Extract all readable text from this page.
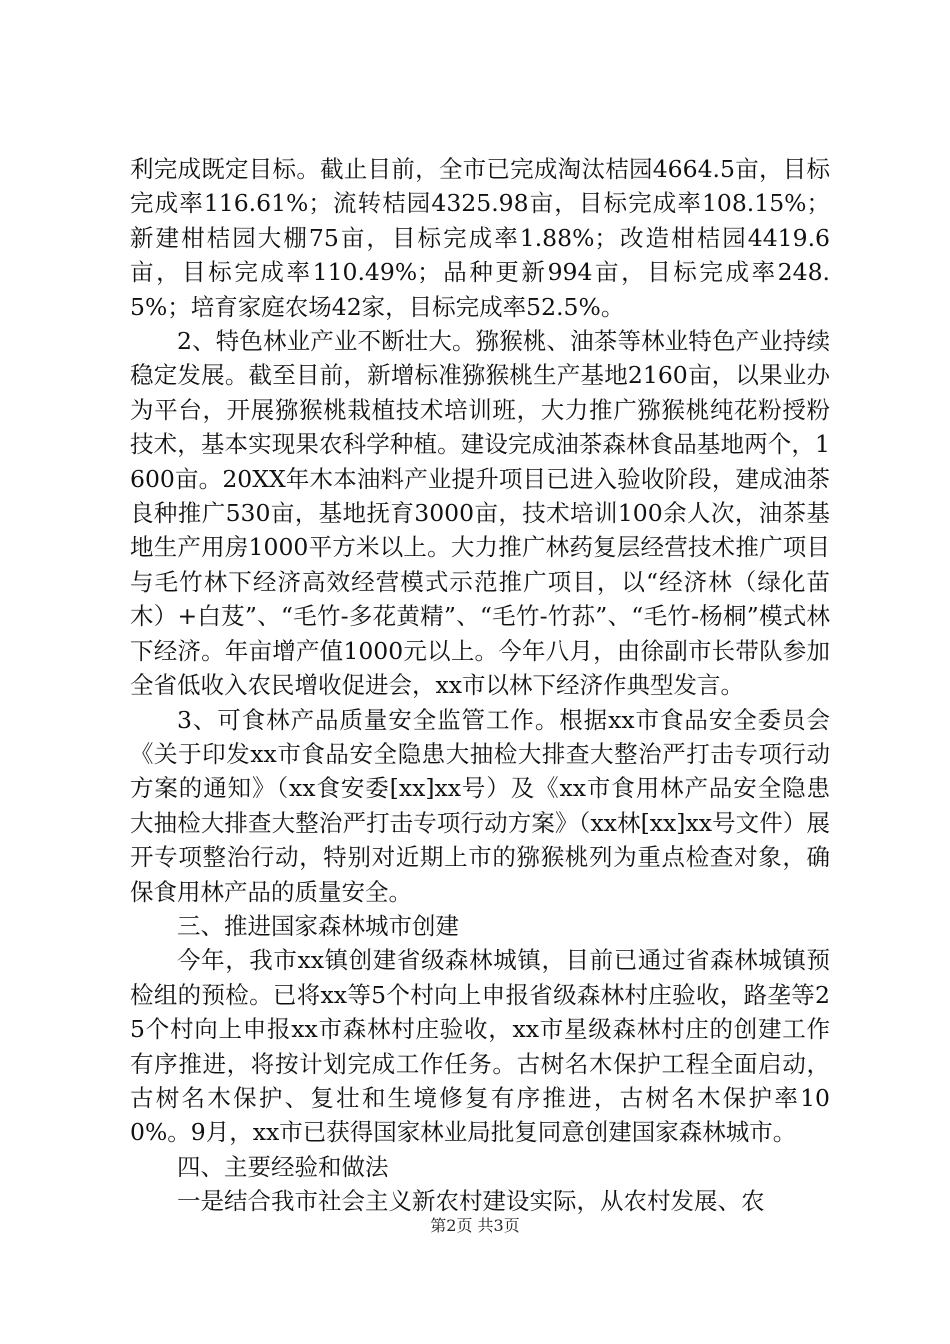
利完成既定目标。截止目前，全市已完成淘汰桔园4664.5亩，目标完成率116.61%；流转桔园4325.98亩，目标完成率108.15%；新建柑桔园大棚75亩，目标完成率1.88%；改造柑桔园4419.6亩，目标完成率110.49%；品种更新994亩，目标完成率248.5%；培育家庭农场42家，目标完成率52.5%。

2、特色林业产业不断壮大。猕猴桃、油茶等林业特色产业持续稳定发展。截至目前，新增标准猕猴桃生产基地2160亩，以果业办为平台，开展猕猴桃栽植技术培训班，大力推广猕猴桃纯花粉授粉技术，基本实现果农科学种植。建设完成油茶森林食品基地两个，1600亩。20XX年木本油料产业提升项目已进入验收阶段，建成油茶良种推广530亩，基地抚育3000亩，技术培训100余人次，油茶基地生产用房1000平方米以上。大力推广林药复层经营技术推广项目与毛竹林下经济高效经营模式示范推广项目，以“经济林（绿化苗木）+白芨”、“毛竹-多花黄精”、“毛竹-竹荪”、“毛竹-杨桐”模式林下经济。年亩增产值1000元以上。今年八月，由徐副市长带队参加全省低收入农民增收促进会，xx市以林下经济作典型发言。

3、可食林产品质量安全监管工作。根据xx市食品安全委员会《关于印发xx市食品安全隐患大抽检大排查大整治严打击专项行动方案的通知》（xx食安委[xx]xx号）及《xx市食用林产品安全隐患大抽检大排查大整治严打击专项行动方案》（xx林[xx]xx号文件）展开专项整治行动，特别对近期上市的猕猴桃列为重点检查对象，确保食用林产品的质量安全。

三、推进国家森林城市创建

今年，我市xx镇创建省级森林城镇，目前已通过省森林城镇预检组的预检。已将xx等5个村向上申报省级森林村庄验收，路垄等25个村向上申报xx市森林村庄验收，xx市星级森林村庄的创建工作有序推进，将按计划完成工作任务。古树名木保护工程全面启动，古树名木保护、复壮和生境修复有序推进，古树名木保护率100%。9月，xx市已获得国家林业局批复同意创建国家森林城市。

四、主要经验和做法

一是结合我市社会主义新农村建设实际，从农村发展、农

第2页 共3页
